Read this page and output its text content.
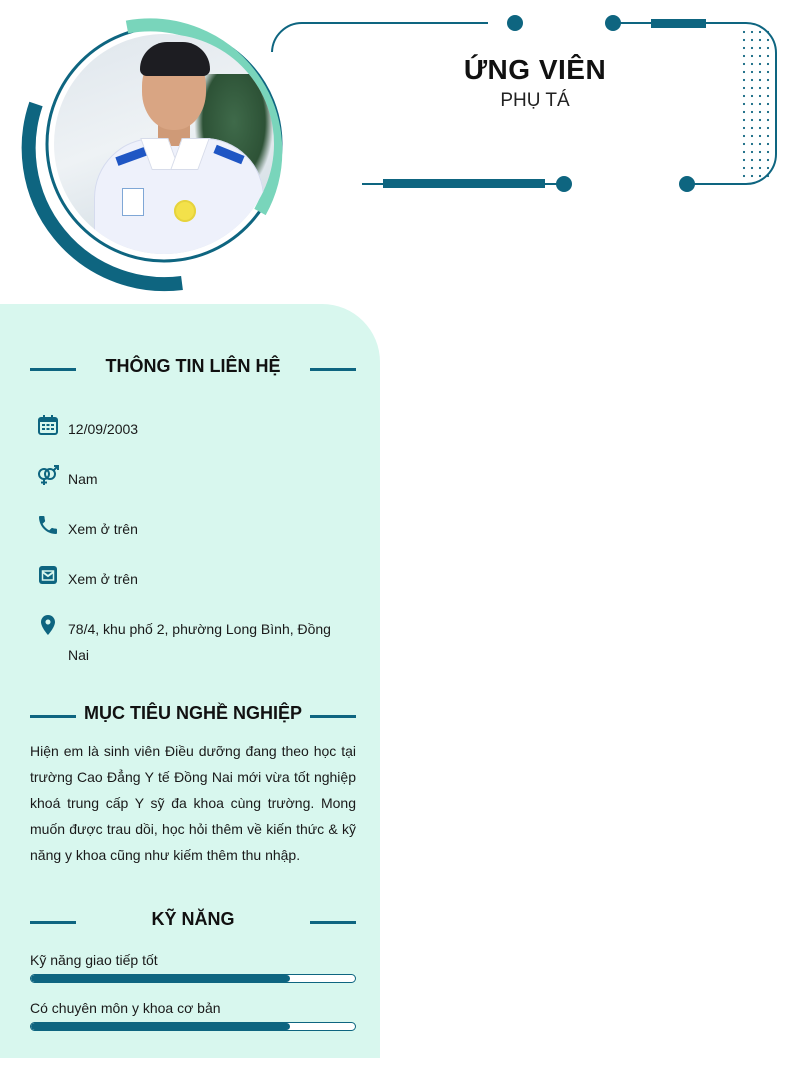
ỨNG VIÊN
PHỤ TÁ
THÔNG TIN LIÊN HỆ
12/09/2003
Nam
Xem ở trên
Xem ở trên
78/4, khu phố 2, phường Long Bình, Đồng Nai
MỤC TIÊU NGHỀ NGHIỆP
Hiện em là sinh viên Điều dưỡng đang theo học tại trường Cao Đẳng Y tế Đồng Nai mới vừa tốt nghiệp khoá trung cấp Y sỹ đa khoa cùng trường. Mong muốn được trau dồi, học hỏi thêm về kiến thức & kỹ năng y khoa cũng như kiếm thêm thu nhập.
KỸ NĂNG
Kỹ năng giao tiếp tốt
Có chuyên môn y khoa cơ bản
